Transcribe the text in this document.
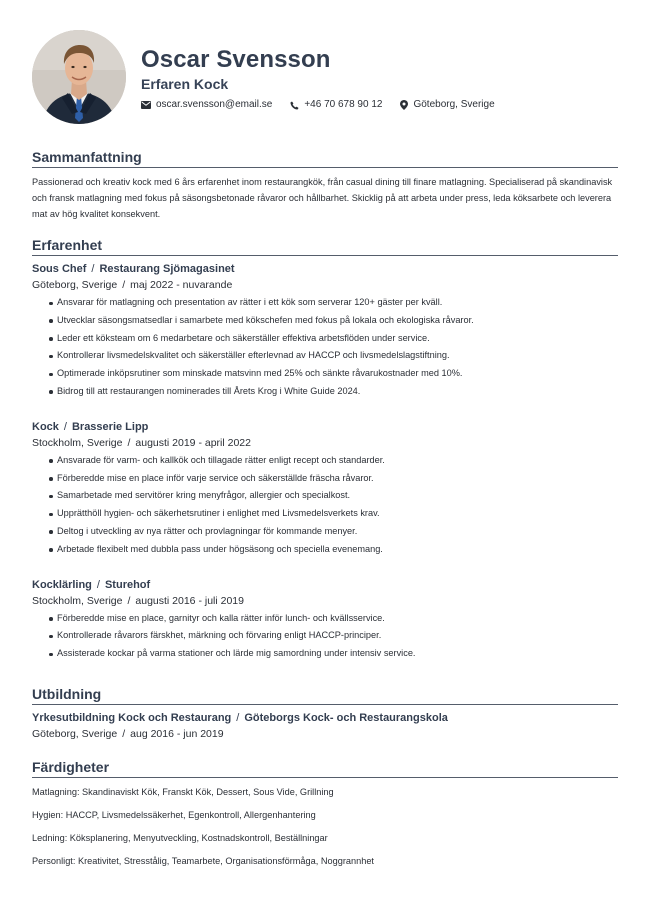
Oscar Svensson
Erfaren Kock
oscar.svensson@email.se	+46 70 678 90 12	Göteborg, Sverige
Sammanfattning

Passionerad och kreativ kock med 6 års erfarenhet inom restaurangkök, från casual dining till finare matlagning. Specialiserad på skandinavisk och fransk matlagning med fokus på säsongsbetonade råvaror och hållbarhet. Skicklig på att arbeta under press, leda köksarbete och leverera mat av hög kvalitet konsekvent.

Erfarenhet
Sous Chef / Restaurang Sjömagasinet
Göteborg, Sverige / maj 2022 - nuvarande
Ansvarar för matlagning och presentation av rätter i ett kök som serverar 120+ gäster per kväll.
Utvecklar säsongsmatsedlar i samarbete med kökschefen med fokus på lokala och ekologiska råvaror.
Leder ett köksteam om 6 medarbetare och säkerställer effektiva arbetsflöden under service.
Kontrollerar livsmedelskvalitet och säkerställer efterlevnad av HACCP och livsmedelslagstiftning.
Optimerade inköpsrutiner som minskade matsvinn med 25% och sänkte råvarukostnader med 10%.
Bidrog till att restaurangen nominerades till Årets Krog i White Guide 2024.
Kock / Brasserie Lipp
Stockholm, Sverige / augusti 2019 - april 2022
Ansvarade för varm- och kallkök och tillagade rätter enligt recept och standarder.
Förberedde mise en place inför varje service och säkerställde fräscha råvaror.
Samarbetade med servitörer kring menyfrågor, allergier och specialkost.
Upprätthöll hygien- och säkerhetsrutiner i enlighet med Livsmedelsverkets krav.
Deltog i utveckling av nya rätter och provlagningar för kommande menyer.
Arbetade flexibelt med dubbla pass under högsäsong och speciella evenemang.
Kocklärling / Sturehof
Stockholm, Sverige / augusti 2016 - juli 2019
Förberedde mise en place, garnityr och kalla rätter inför lunch- och kvällsservice.
Kontrollerade råvarors färskhet, märkning och förvaring enligt HACCP-principer.
Assisterade kockar på varma stationer och lärde mig samordning under intensiv service.
Utbildning
Yrkesutbildning Kock och Restaurang / Göteborgs Kock- och Restaurangskola
Göteborg, Sverige / aug 2016 - jun 2019
Färdigheter

Matlagning: Skandinaviskt Kök, Franskt Kök, Dessert, Sous Vide, Grillning

Hygien: HACCP, Livsmedelssäkerhet, Egenkontroll, Allergenhantering

Ledning: Köksplanering, Menyutveckling, Kostnadskontroll, Beställningar

Personligt: Kreativitet, Stresstålig, Teamarbete, Organisationsförmåga, Noggrannhet
